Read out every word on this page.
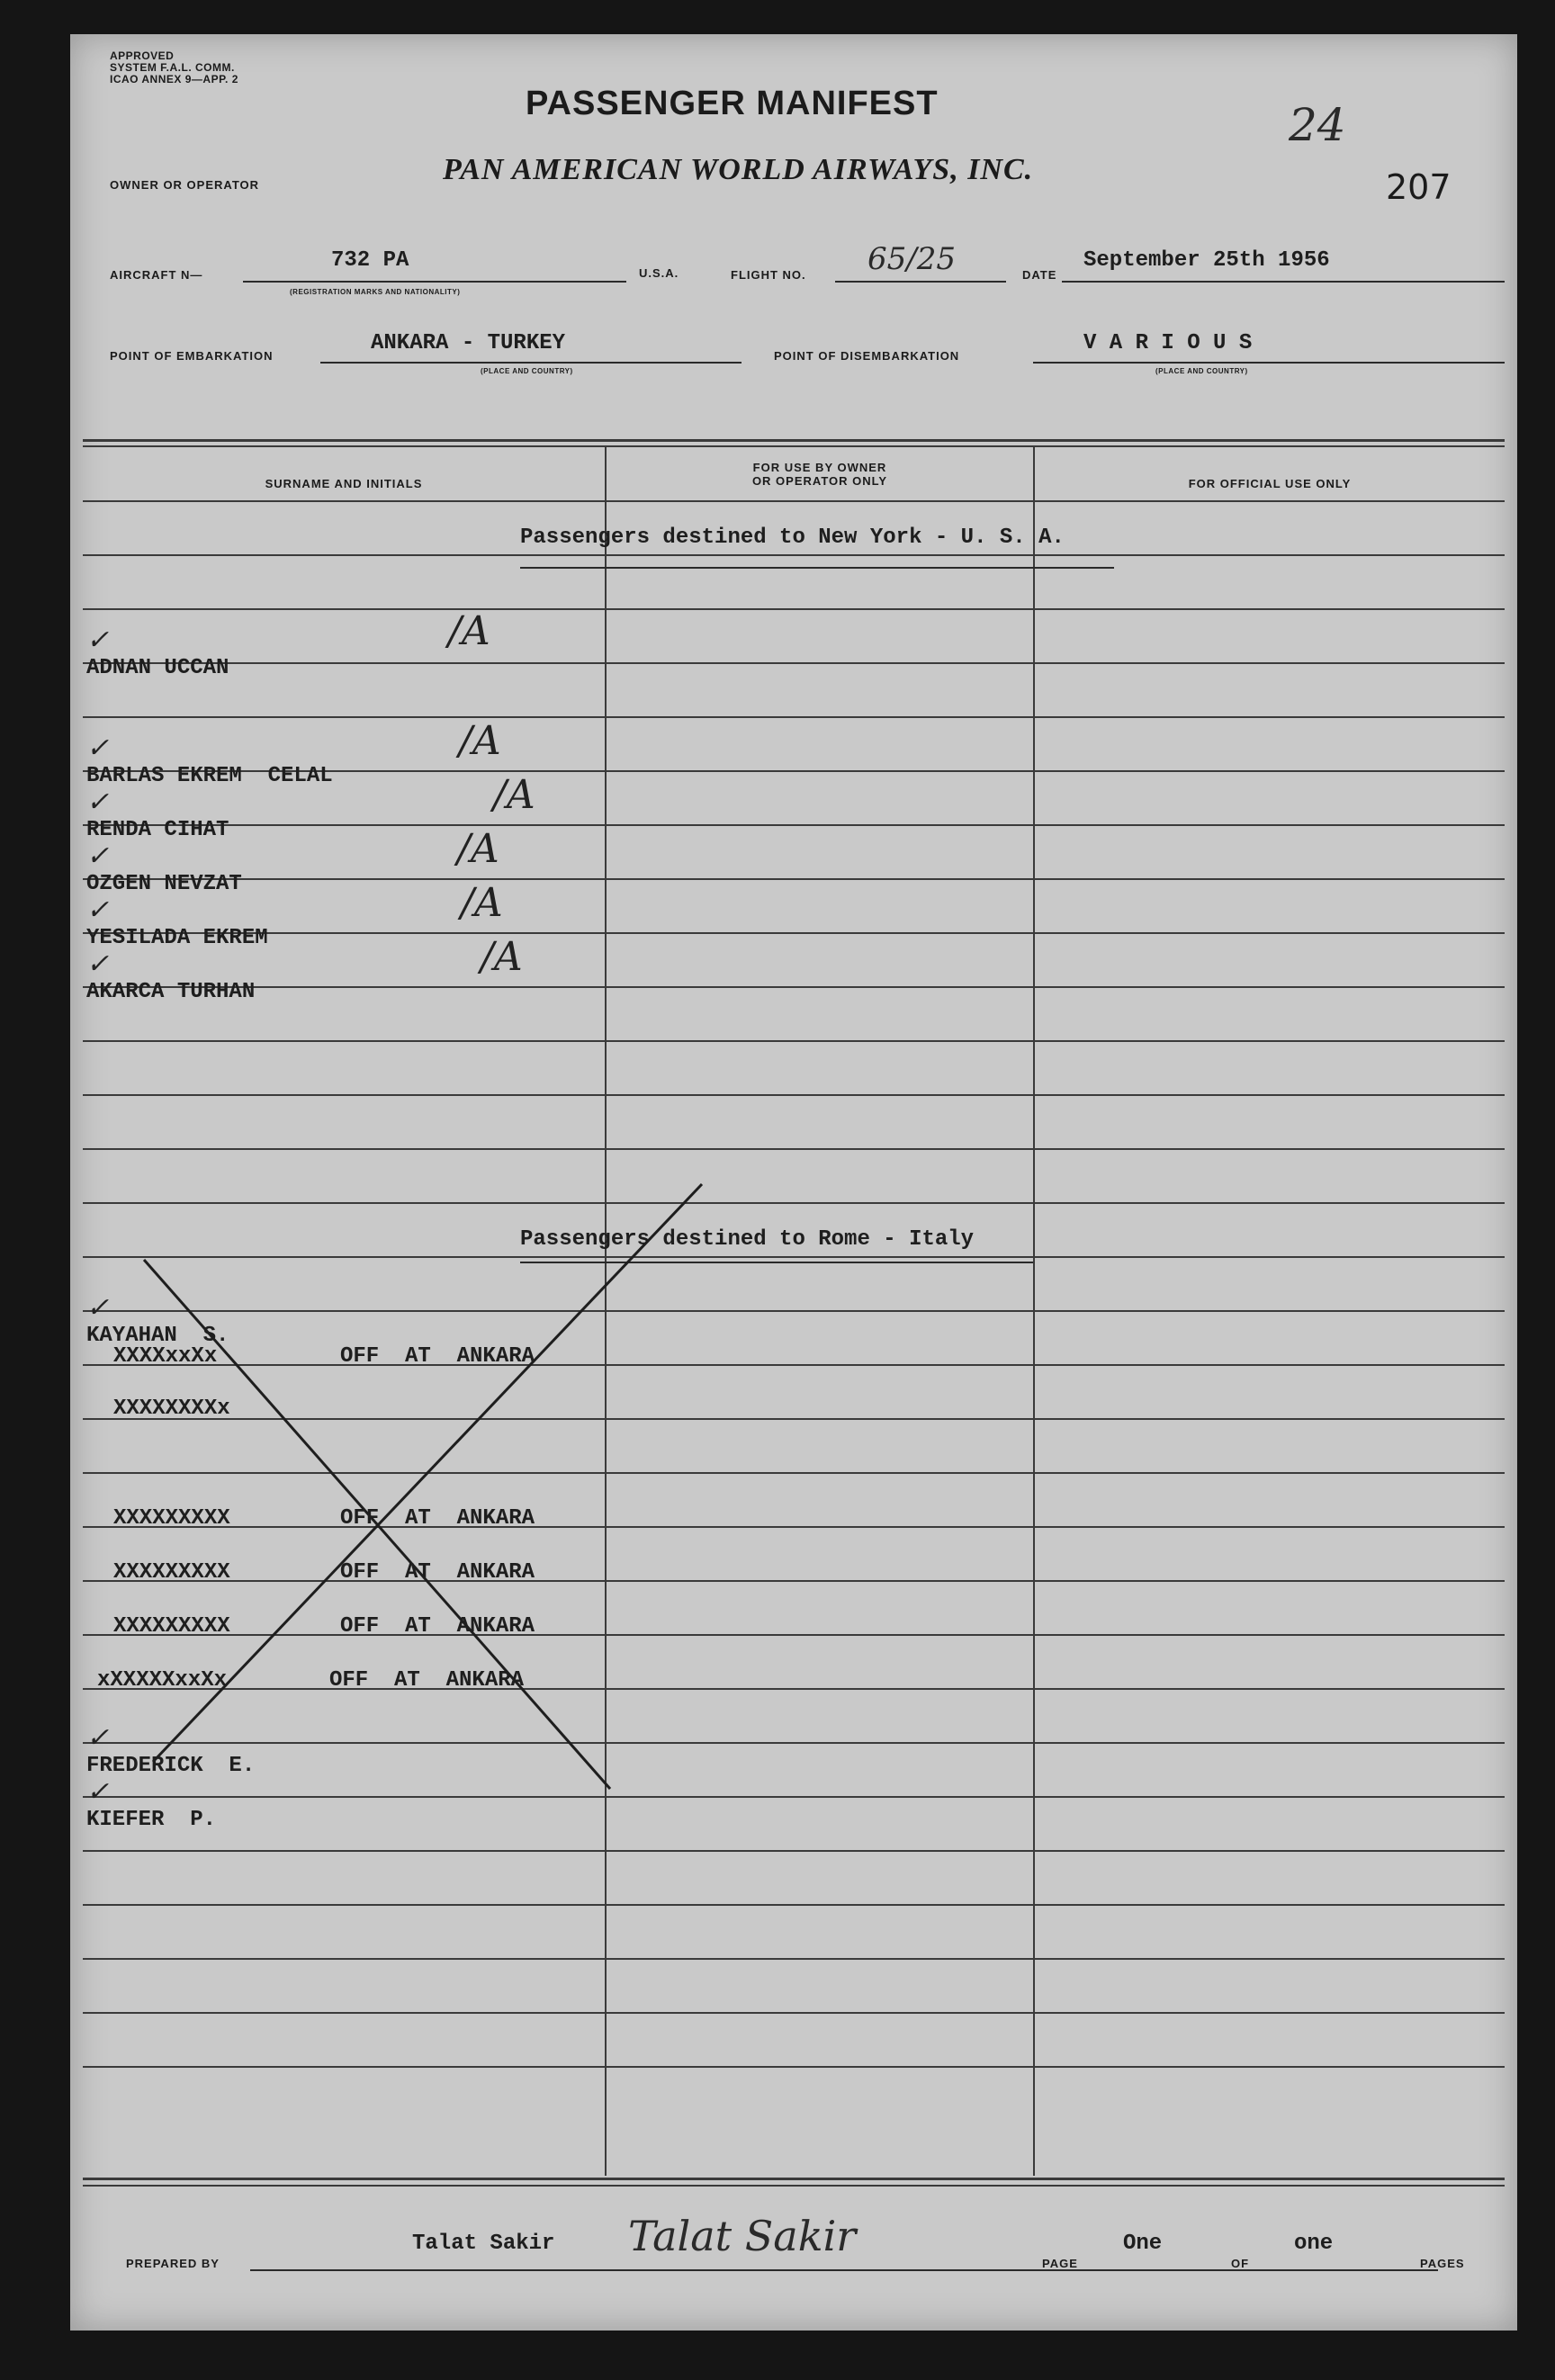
APPROVED
SYSTEM F.A.L. COMM.
ICAO ANNEX 9—APP. 2
PASSENGER MANIFEST
OWNER OR OPERATOR	PAN AMERICAN WORLD AIRWAYS, INC.
24
207
AIRCRAFT N—
732 PA
(REGISTRATION MARKS AND NATIONALITY)
U.S.A.	FLIGHT NO. 65/25	DATE
September 25th 1956
POINT OF EMBARKATION
ANKARA - TURKEY
(PLACE AND COUNTRY)
POINT OF DISEMBARKATION
V A R I O U S
(PLACE AND COUNTRY)
SURNAME AND INITIALS
FOR USE BY OWNER
OR OPERATOR ONLY	FOR OFFICIAL USE ONLY
Passengers destined to New York - U. S. A.
✓ ADNAN UCCAN
/A
✓ BARLAS EKREM  CELAL
/A
✓ RENDA CIHAT
/A
✓ OZGEN NEVZAT
/A
✓ YESILADA EKREM
/A
✓ AKARCA TURHAN
/A
Passengers destined to Rome - Italy
✓ KAYAHAN  S.
XXXXxxXx	OFF  AT  ANKARA
XXXXXXXXx
XXXXXXXXX	OFF  AT  ANKARA
XXXXXXXXX	OFF  AT  ANKARA
XXXXXXXXX	OFF  AT  ANKARA
xXXXXXxxXx	OFF  AT  ANKARA
✓ FREDERICK  E.
✓ KIEFER  P.
PREPARED BY
Talat Sakir Talat Sakir
PAGE
One
OF
one
PAGES
